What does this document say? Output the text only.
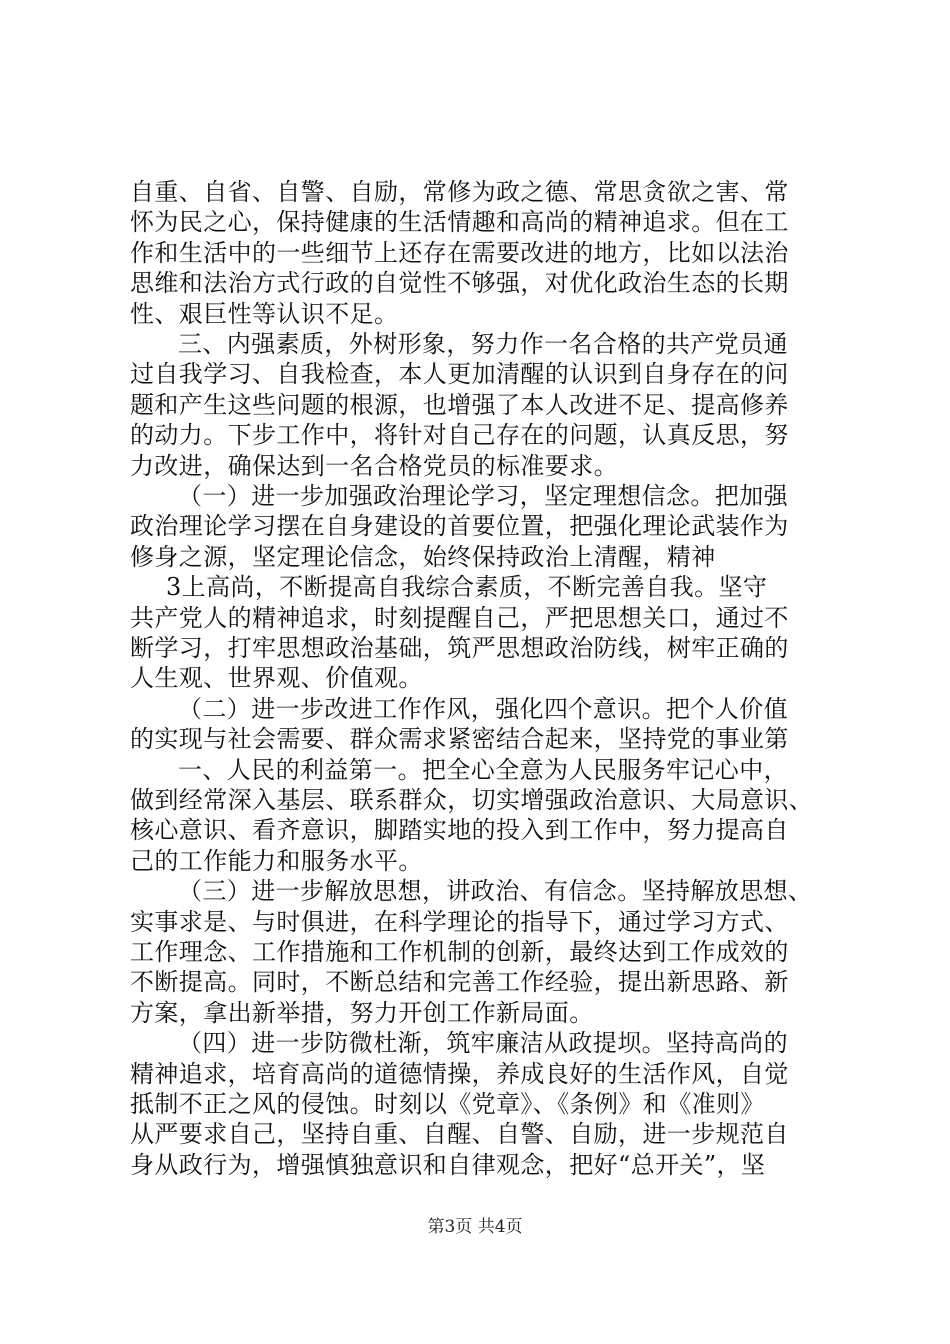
自重、自省、自警、自励，常修为政之德、常思贪欲之害、常
怀为民之心，保持健康的生活情趣和高尚的精神追求。但在工
作和生活中的一些细节上还存在需要改进的地方，比如以法治
思维和法治方式行政的自觉性不够强，对优化政治生态的长期
性、艰巨性等认识不足。
三、内强素质，外树形象，努力作一名合格的共产党员通
过自我学习、自我检查，本人更加清醒的认识到自身存在的问
题和产生这些问题的根源，也增强了本人改进不足、提高修养
的动力。下步工作中，将针对自己存在的问题，认真反思，努
力改进，确保达到一名合格党员的标准要求。
（一）进一步加强政治理论学习，坚定理想信念。把加强
政治理论学习摆在自身建设的首要位置，把强化理论武装作为
修身之源，坚定理论信念，始终保持政治上清醒，精神
3上高尚，不断提高自我综合素质，不断完善自我。坚守
共产党人的精神追求，时刻提醒自己，严把思想关口，通过不
断学习，打牢思想政治基础，筑严思想政治防线，树牢正确的
人生观、世界观、价值观。
（二）进一步改进工作作风，强化四个意识。把个人价值
的实现与社会需要、群众需求紧密结合起来，坚持党的事业第
一、人民的利益第一。把全心全意为人民服务牢记心中，
做到经常深入基层、联系群众，切实增强政治意识、大局意识、
核心意识、看齐意识，脚踏实地的投入到工作中，努力提高自
己的工作能力和服务水平。
（三）进一步解放思想，讲政治、有信念。坚持解放思想、
实事求是、与时俱进，在科学理论的指导下，通过学习方式、
工作理念、工作措施和工作机制的创新，最终达到工作成效的
不断提高。同时，不断总结和完善工作经验，提出新思路、新
方案，拿出新举措，努力开创工作新局面。
（四）进一步防微杜渐，筑牢廉洁从政提坝。坚持高尚的
精神追求，培育高尚的道德情操，养成良好的生活作风，自觉
抵制不正之风的侵蚀。时刻以《党章》、《条例》和《准则》
从严要求自己，坚持自重、自醒、自警、自励，进一步规范自
身从政行为，增强慎独意识和自律观念，把好“总开关”，坚
第3页 共4页
